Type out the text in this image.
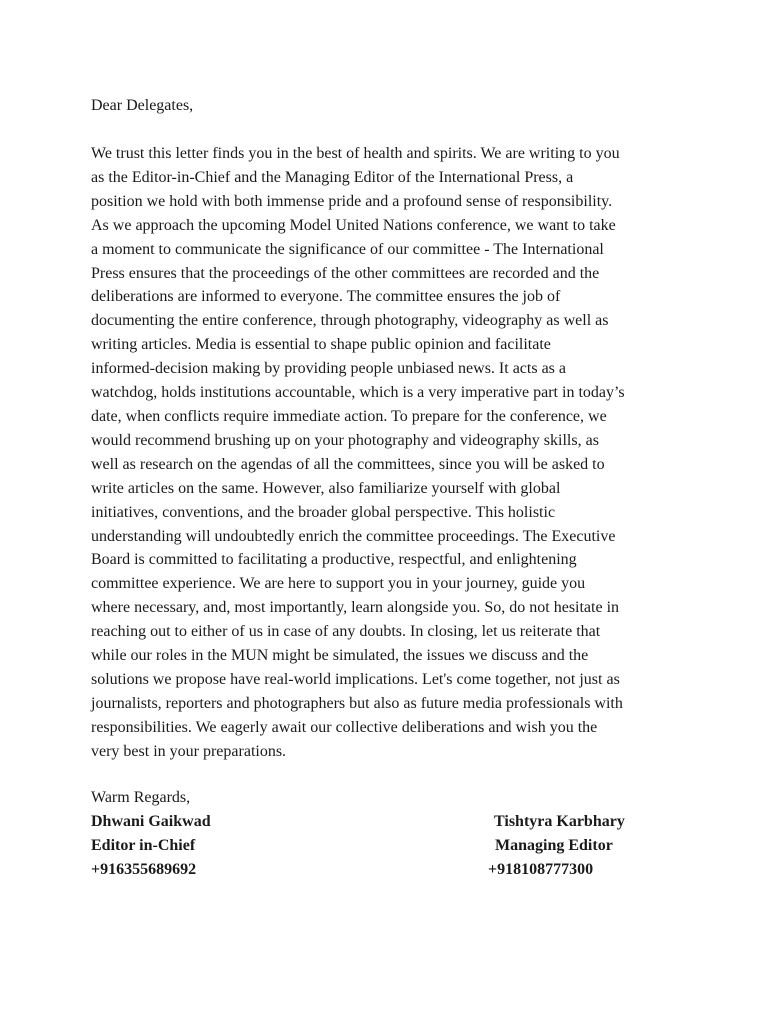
Dear Delegates,

We trust this letter finds you in the best of health and spirits. We are writing to you
as the Editor-in-Chief and the Managing Editor of the International Press, a
position we hold with both immense pride and a profound sense of responsibility.
As we approach the upcoming Model United Nations conference, we want to take
a moment to communicate the significance of our committee - The International
Press ensures that the proceedings of the other committees are recorded and the
deliberations are informed to everyone. The committee ensures the job of
documenting the entire conference, through photography, videography as well as
writing articles. Media is essential to shape public opinion and facilitate
informed-decision making by providing people unbiased news. It acts as a
watchdog, holds institutions accountable, which is a very imperative part in today’s
date, when conflicts require immediate action. To prepare for the conference, we
would recommend brushing up on your photography and videography skills, as
well as research on the agendas of all the committees, since you will be asked to
write articles on the same. However, also familiarize yourself with global
initiatives, conventions, and the broader global perspective. This holistic
understanding will undoubtedly enrich the committee proceedings. The Executive
Board is committed to facilitating a productive, respectful, and enlightening
committee experience. We are here to support you in your journey, guide you
where necessary, and, most importantly, learn alongside you. So, do not hesitate in
reaching out to either of us in case of any doubts. In closing, let us reiterate that
while our roles in the MUN might be simulated, the issues we discuss and the
solutions we propose have real-world implications. Let's come together, not just as
journalists, reporters and photographers but also as future media professionals with
responsibilities. We eagerly await our collective deliberations and wish you the
very best in your preparations.

Warm Regards,

Dhwani Gaikwad
Editor in-Chief
+916355689692
Tishtyra Karbhary
Managing Editor
+918108777300
